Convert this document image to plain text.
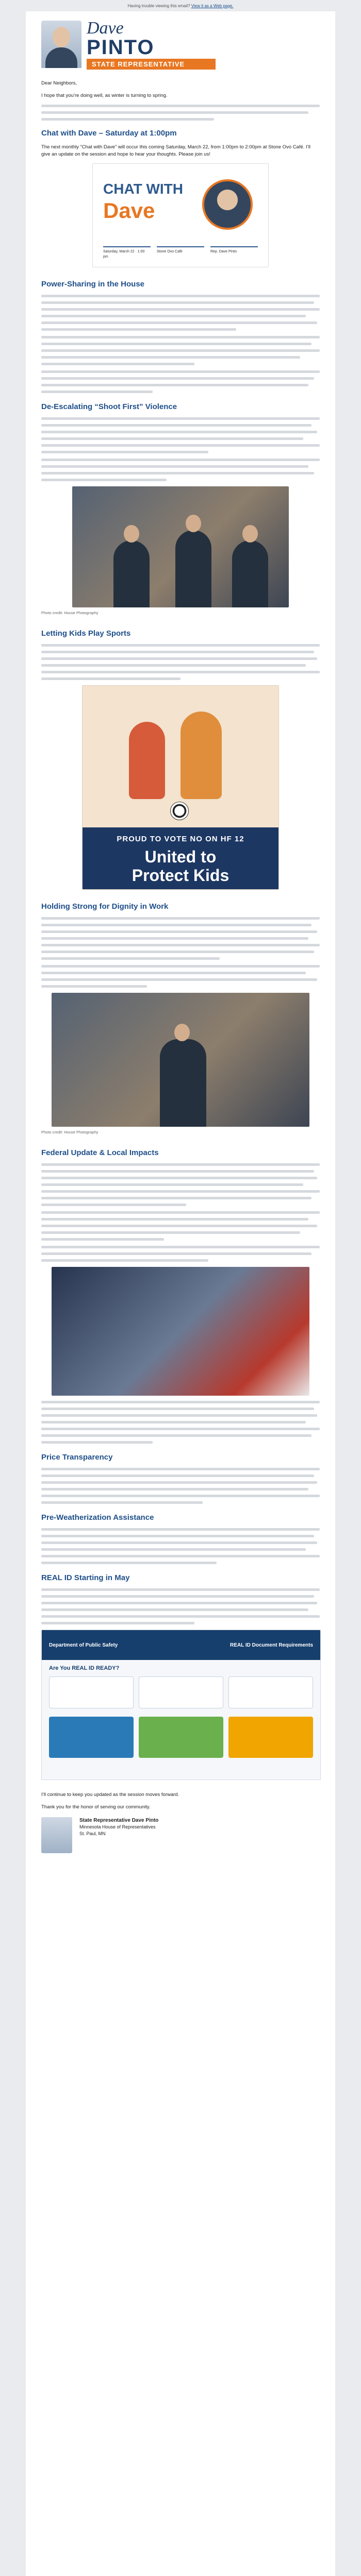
Having trouble viewing this email?
View it as a Web page.
Dave
PINTO
STATE REPRESENTATIVE

Dear Neighbors,

I hope that you’re doing well, as winter is turning to spring.

Chat with Dave – Saturday at 1:00pm

The next monthly “Chat with Dave” will occur this coming Saturday, March 22, from 1:00pm to 2:00pm at Stone Ovo Café. I’ll give an update on the session and hope to hear your thoughts. Please join us!

CHAT WITH
Dave
Saturday, March 22 · 1:00 pm
Stone Ovo Café	Rep. Dave Pinto
Power-Sharing in the House
De-Escalating “Shoot First” Violence

Photo credit: House Photography

Letting Kids Play Sports
PROUD TO VOTE NO ON HF 12
United to
Protect Kids
Holding Strong for Dignity in Work

Photo credit: House Photography

Federal Update & Local Impacts
Price Transparency
Pre-Weatherization Assistance
REAL ID Starting in May
Department of Public Safety	REAL ID Document Requirements
Are You REAL ID READY?

I’ll continue to keep you updated as the session moves forward.

Thank you for the honor of serving our community.

State Representative Dave Pinto
Minnesota House of Representatives
St. Paul, MN
